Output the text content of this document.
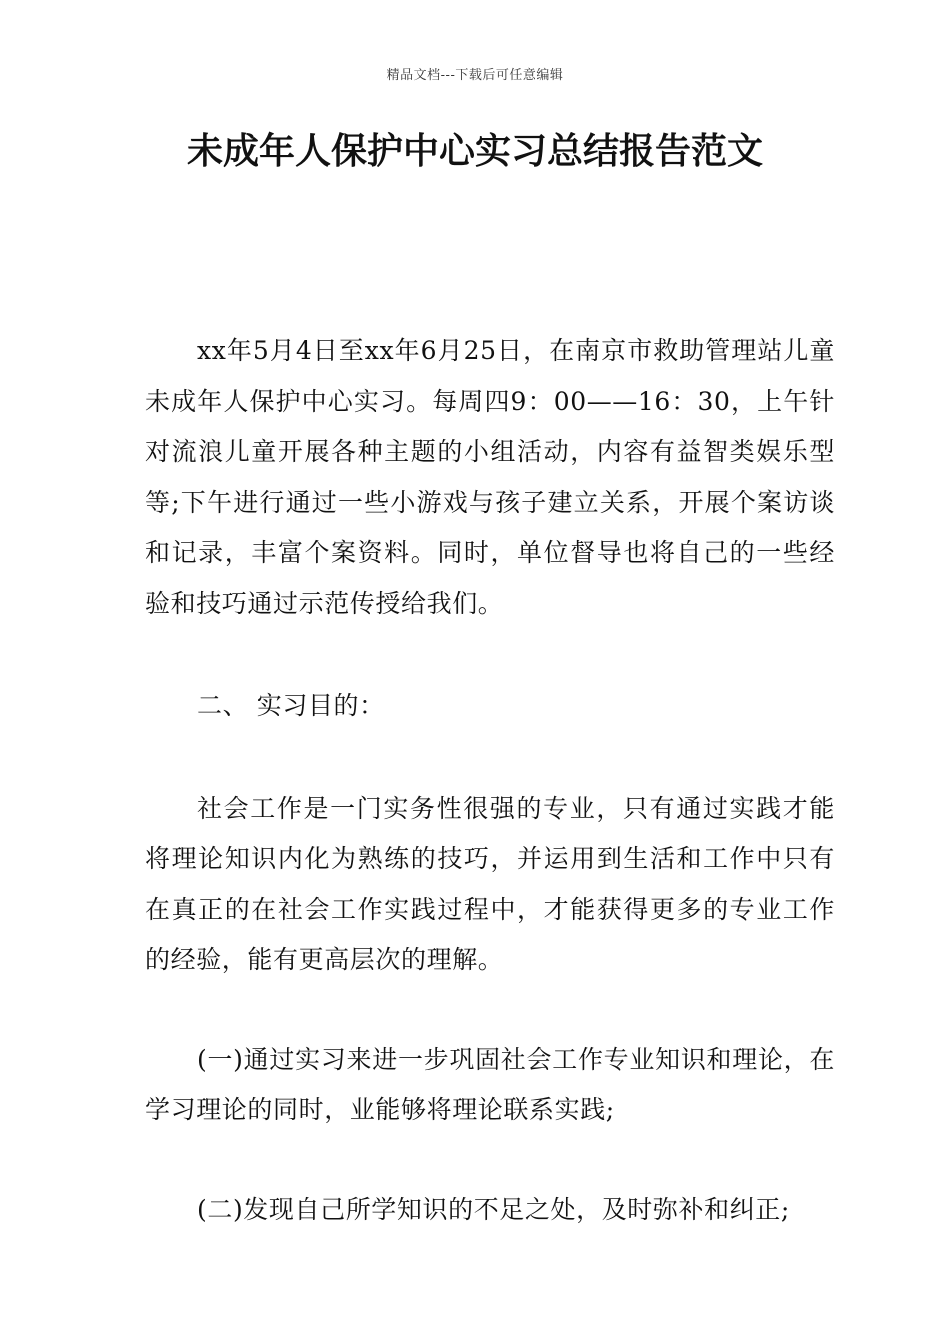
精品文档---下载后可任意编辑
未成年人保护中心实习总结报告范文

xx年5月4日至xx年6月25日，在南京市救助管理站儿童未成年人保护中心实习。每周四9：00——16：30，上午针对流浪儿童开展各种主题的小组活动，内容有益智类娱乐型等;下午进行通过一些小游戏与孩子建立关系，开展个案访谈和记录，丰富个案资料。同时，单位督导也将自己的一些经验和技巧通过示范传授给我们。

二、 实习目的：

社会工作是一门实务性很强的专业，只有通过实践才能将理论知识内化为熟练的技巧，并运用到生活和工作中只有在真正的在社会工作实践过程中，才能获得更多的专业工作的经验，能有更高层次的理解。

(一)通过实习来进一步巩固社会工作专业知识和理论，在学习理论的同时，业能够将理论联系实践;

(二)发现自己所学知识的不足之处，及时弥补和纠正;
